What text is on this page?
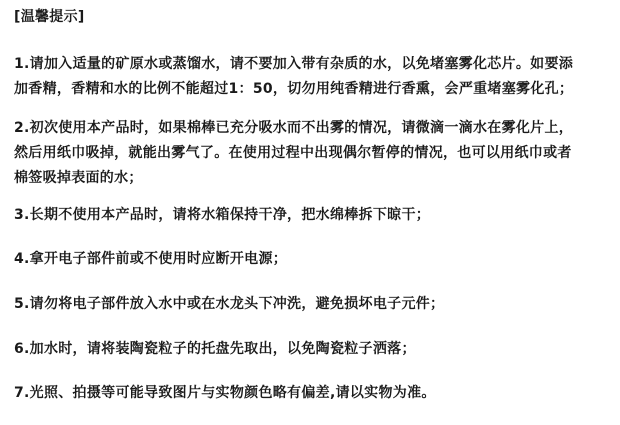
[温馨提示]
1.请加入适量的矿原水或蒸馏水，请不要加入带有杂质的水，以免堵塞雾化芯片。如要添
加香精，香精和水的比例不能超过1：50，切勿用纯香精进行香熏，会严重堵塞雾化孔；
2.初次使用本产品时，如果棉棒已充分吸水而不出雾的情况，请微滴一滴水在雾化片上，
然后用纸巾吸掉，就能出雾气了。在使用过程中出现偶尔暂停的情况，也可以用纸巾或者
棉签吸掉表面的水；
3.长期不使用本产品时，请将水箱保持干净，把水绵棒拆下晾干；
4.拿开电子部件前或不使用时应断开电源；
5.请勿将电子部件放入水中或在水龙头下冲洗，避免损坏电子元件；
6.加水时，请将装陶瓷粒子的托盘先取出，以免陶瓷粒子洒落；
7.光照、拍摄等可能导致图片与实物颜色略有偏差,请以实物为准。
